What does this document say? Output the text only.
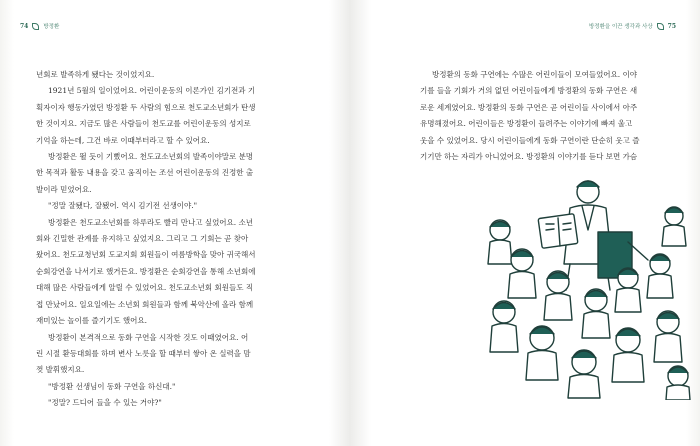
74	방정환

년회로 발족하게 됐다는 것이었지요.

1921년 5월의 일이었어요. 어린이운동의 이론가인 김기전과 기
획자이자 행동가였던 방정환 두 사람의 힘으로 천도교소년회가 탄생
한 것이지요. 지금도 많은 사람들이 천도교를 어린이운동의 성지로
기억을 하는데, 그건 바로 이때부터라고 할 수 있어요.

방정환은 뛸 듯이 기뻤어요. 천도교소년회의 발족이야말로 분명
한 목적과 활동 내용을 갖고 움직이는 조선 어린이운동의 진정한 출
발이라 믿었어요.

"정말 잘됐다, 잘됐어. 역시 김기전 선생이야."

방정환은 천도교소년회를 하루라도 빨리 만나고 싶었어요. 소년
회와 긴밀한 관계를 유지하고 싶었지요. 그리고 그 기회는 곧 찾아
왔어요. 천도교청년회 도교지회 회원들이 여름방학을 맞아 귀국해서
순회강연을 나서기로 했거든요. 방정환은 순회강연을 통해 소년회에
대해 많은 사람들에게 알릴 수 있었어요. 천도교소년회 회원들도 직
접 만났어요. 일요일에는 소년회 회원들과 함께 북악산에 올라 함께
재미있는 놀이를 즐기기도 했어요.

방정환이 본격적으로 동화 구연을 시작한 것도 이때였어요. 어
린 시절 환등대회를 하며 변사 노릇을 할 때부터 쌓아 온 실력을 맘
껏 발휘했지요.

"방정환 선생님이 동화 구연을 하신대."

"정말? 드디어 들을 수 있는 거야?"

방정환을 이끈 생각과 사상	75

방정환의 동화 구연에는 수많은 어린이들이 모여들었어요. 이야
기를 들을 기회가 거의 없던 어린이들에게 방정환의 동화 구연은 새
로운 세계였어요. 방정환의 동화 구연은 곧 어린이들 사이에서 아주
유명해졌어요. 어린이들은 방정환이 들려주는 이야기에 빠져 울고
웃을 수 있었어요. 당시 어린이들에게 동화 구연이란 단순히 웃고 즐
기기만 하는 자리가 아니었어요. 방정환의 이야기를 듣다 보면 가슴
